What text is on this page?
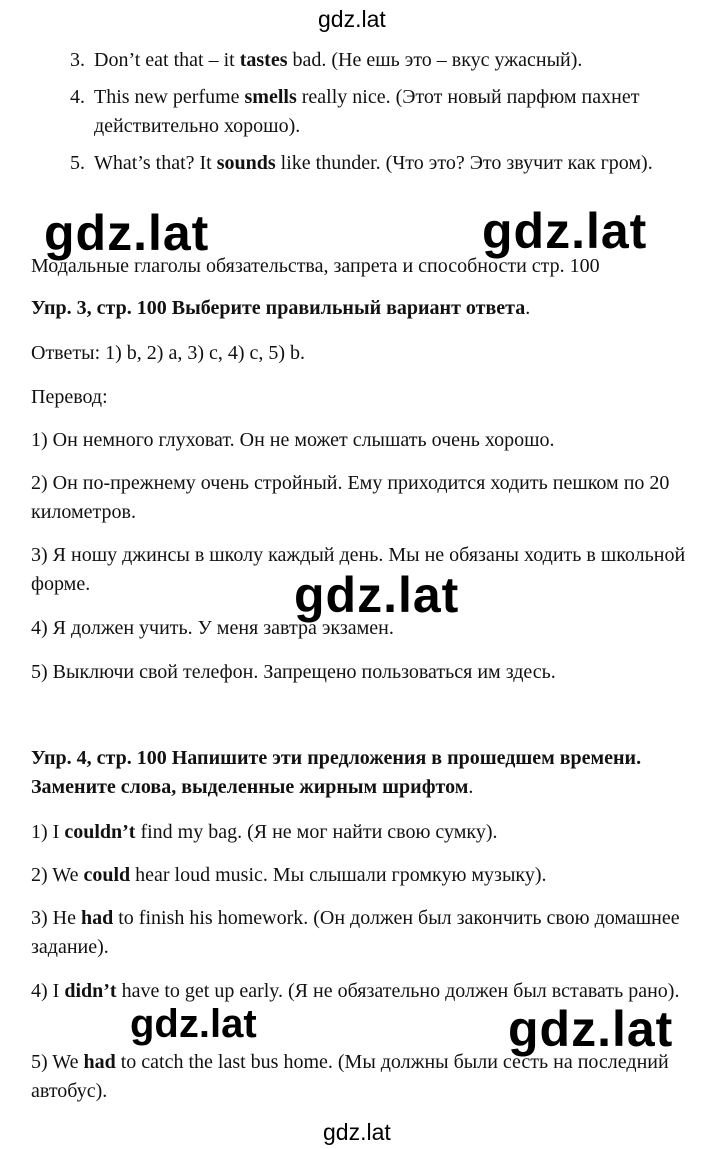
gdz.lat
3. Don’t eat that – it tastes bad. (Не ешь это – вкус ужасный).
4. This new perfume smells really nice. (Этот новый парфюм пахнет действительно хорошо).
5. What’s that? It sounds like thunder. (Что это? Это звучит как гром).
gdz.lat	gdz.lat

Модальные глаголы обязательства, запрета и способности стр. 100

Упр. 3, стр. 100 Выберите правильный вариант ответа.

Ответы: 1) b, 2) a, 3) c, 4) c, 5) b.

Перевод:

1) Он немного глуховат. Он не может слышать очень хорошо.

2) Он по-прежнему очень стройный. Ему приходится ходить пешком по 20 километров.

3) Я ношу джинсы в школу каждый день. Мы не обязаны ходить в школьной форме.

4) Я должен учить. У меня завтра экзамен.

5) Выключи свой телефон. Запрещено пользоваться им здесь.

gdz.lat

Упр. 4, стр. 100 Напишите эти предложения в прошедшем времени. Замените слова, выделенные жирным шрифтом.

1) I couldn’t find my bag. (Я не мог найти свою сумку).

2) We could hear loud music. Мы слышали громкую музыку).

3) He had to finish his homework. (Он должен был закончить свою домашнее задание).

4) I didn’t have to get up early. (Я не обязательно должен был вставать рано).

5) We had to catch the last bus home. (Мы должны были сесть на последний автобус).

gdz.lat	gdz.lat
gdz.lat
